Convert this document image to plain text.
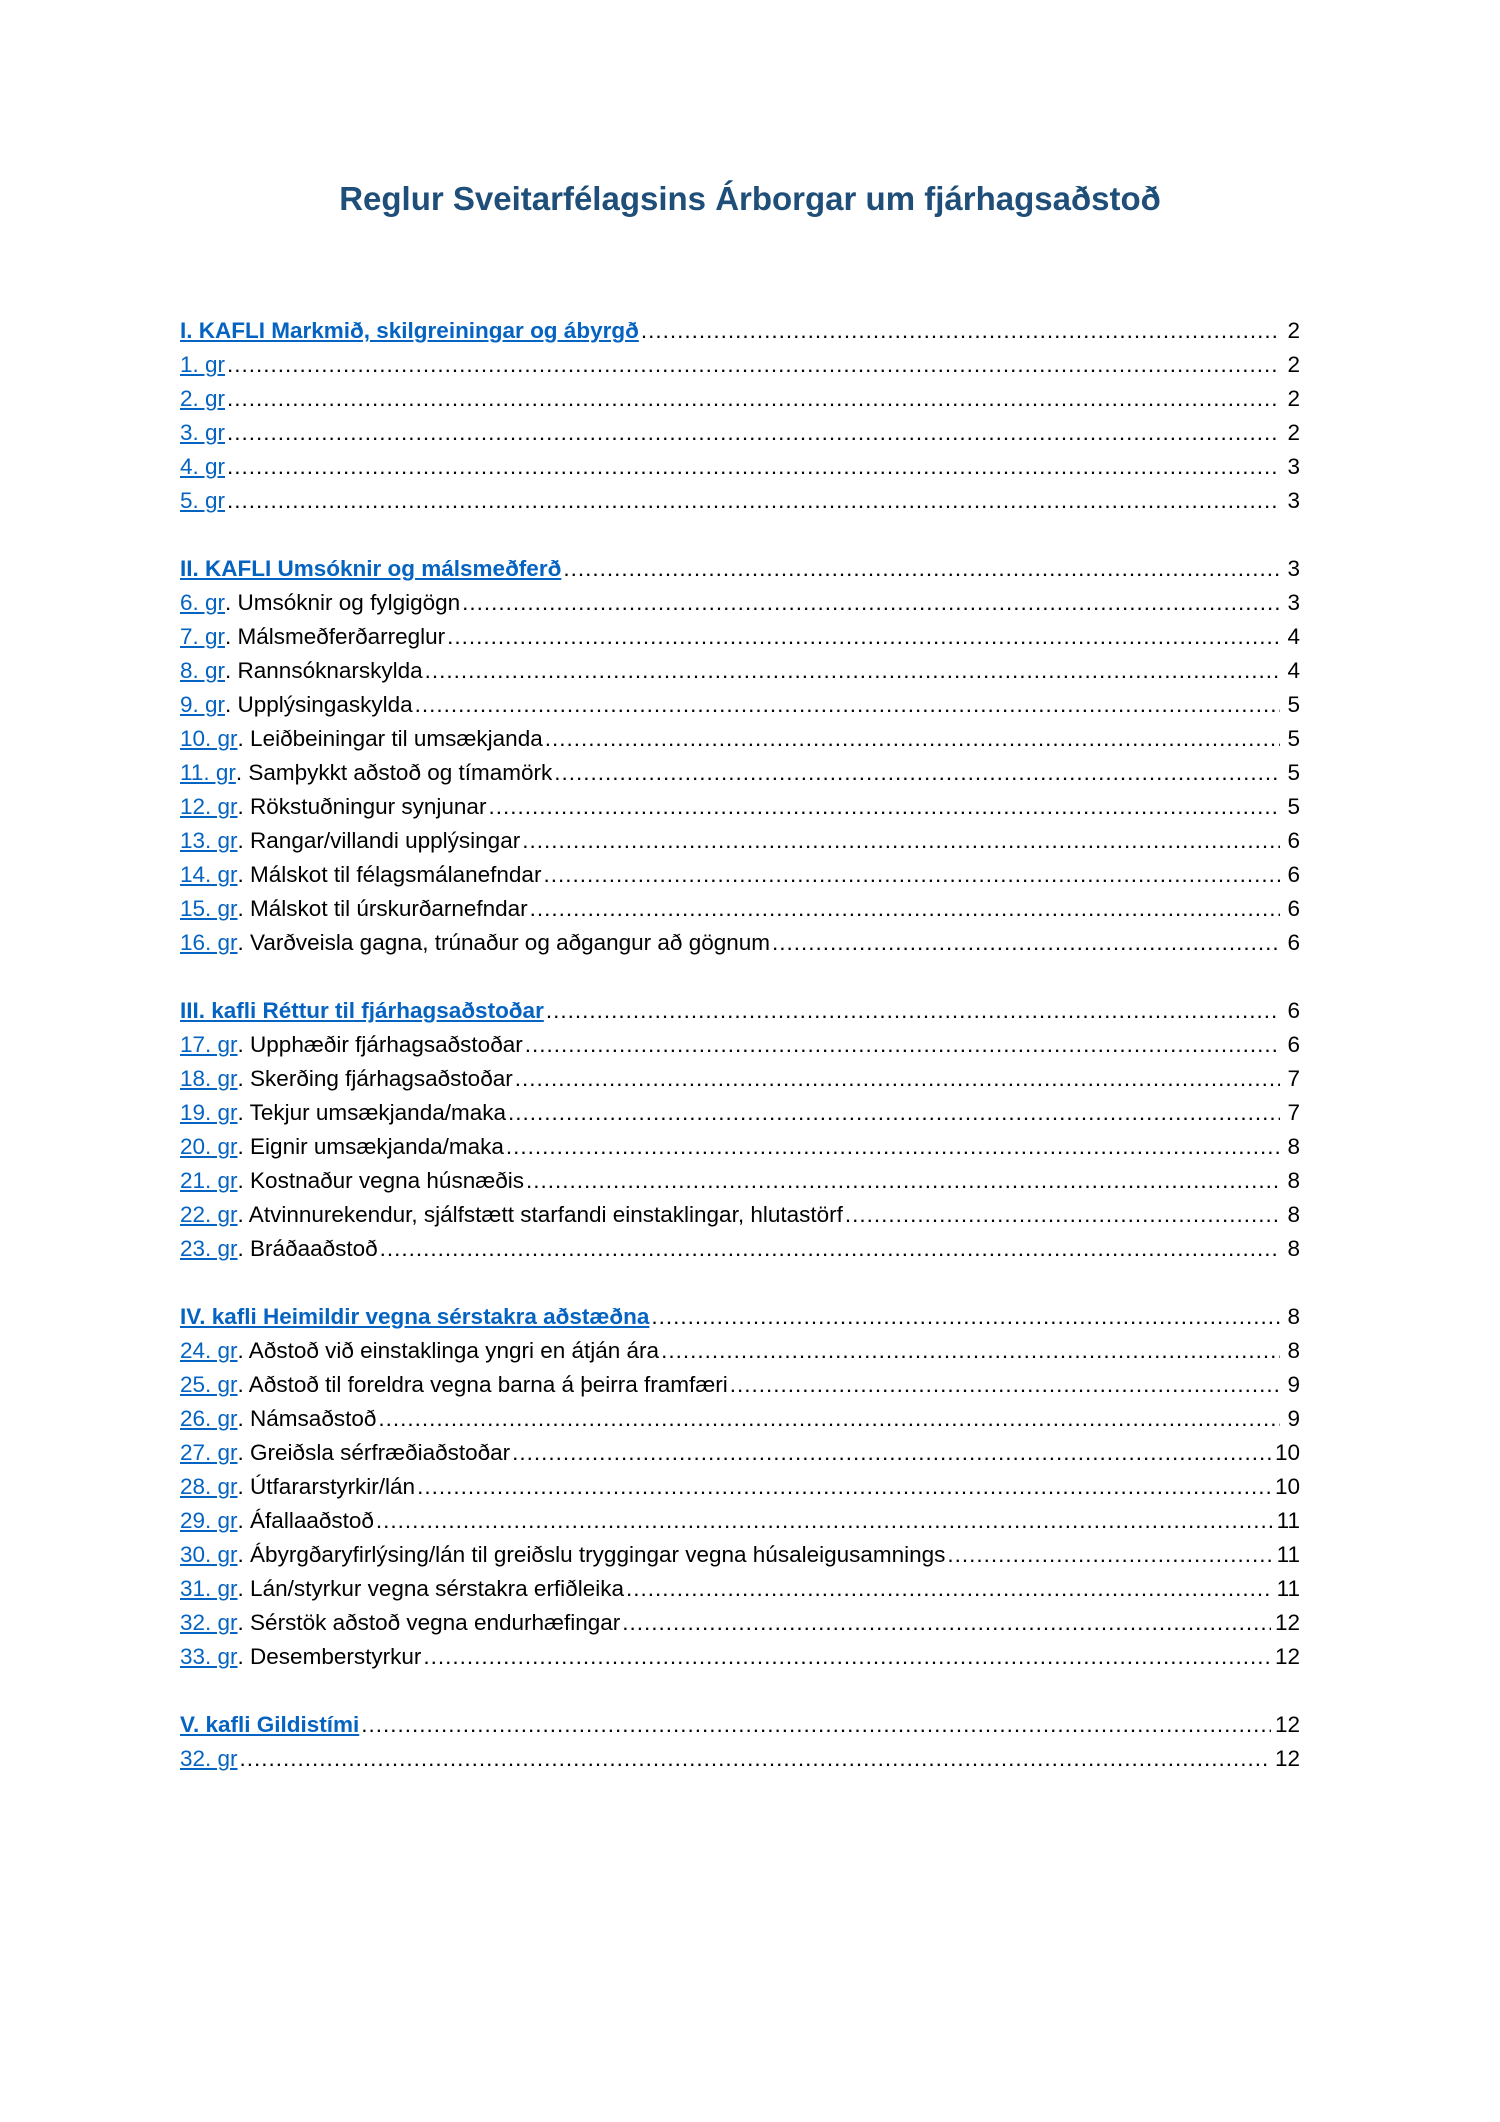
Reglur Sveitarfélagsins Árborgar um fjárhagsaðstoð
I. KAFLI Markmið, skilgreiningar og ábyrgð .....	2
1. gr .....	2
2. gr .....	2
3. gr .....	2
4. gr .....	3
5. gr .....	3
II. KAFLI Umsóknir og málsmeðferð .....	3
6. gr . Umsóknir og fylgigögn .....	3
7. gr . Málsmeðferðarreglur .....	4
8. gr . Rannsóknarskylda .....	4
9. gr . Upplýsingaskylda .....	5
10. gr . Leiðbeiningar til umsækjanda .....	5
11. gr . Samþykkt aðstoð og tímamörk .....	5
12. gr . Rökstuðningur synjunar .....	5
13. gr . Rangar/villandi upplýsingar .....	6
14. gr . Málskot til félagsmálanefndar .....	6
15. gr . Málskot til úrskurðarnefndar .....	6
16. gr . Varðveisla gagna, trúnaður og aðgangur að gögnum .....	6
III. kafli Réttur til fjárhagsaðstoðar .....	6
17. gr . Upphæðir fjárhagsaðstoðar .....	6
18. gr . Skerðing fjárhagsaðstoðar .....	7
19. gr . Tekjur umsækjanda/maka .....	7
20. gr . Eignir umsækjanda/maka .....	8
21. gr . Kostnaður vegna húsnæðis .....	8
22. gr . Atvinnurekendur, sjálfstætt starfandi einstaklingar, hlutastörf .....	8
23. gr . Bráðaaðstoð .....	8
IV. kafli Heimildir vegna sérstakra aðstæðna .....	8
24. gr . Aðstoð við einstaklinga yngri en átján ára .....	8
25. gr . Aðstoð til foreldra vegna barna á þeirra framfæri .....	9
26. gr . Námsaðstoð .....	9
27. gr . Greiðsla sérfræðiaðstoðar .....	10
28. gr . Útfararstyrkir/lán .....	10
29. gr . Áfallaaðstoð .....	11
30. gr . Ábyrgðaryfirlýsing/lán til greiðslu tryggingar vegna húsaleigusamnings .....	11
31. gr . Lán/styrkur vegna sérstakra erfiðleika .....	11
32. gr . Sérstök aðstoð vegna endurhæfingar .....	12
33. gr . Desemberstyrkur .....	12
V. kafli Gildistími .....	12
32. gr .....	12
